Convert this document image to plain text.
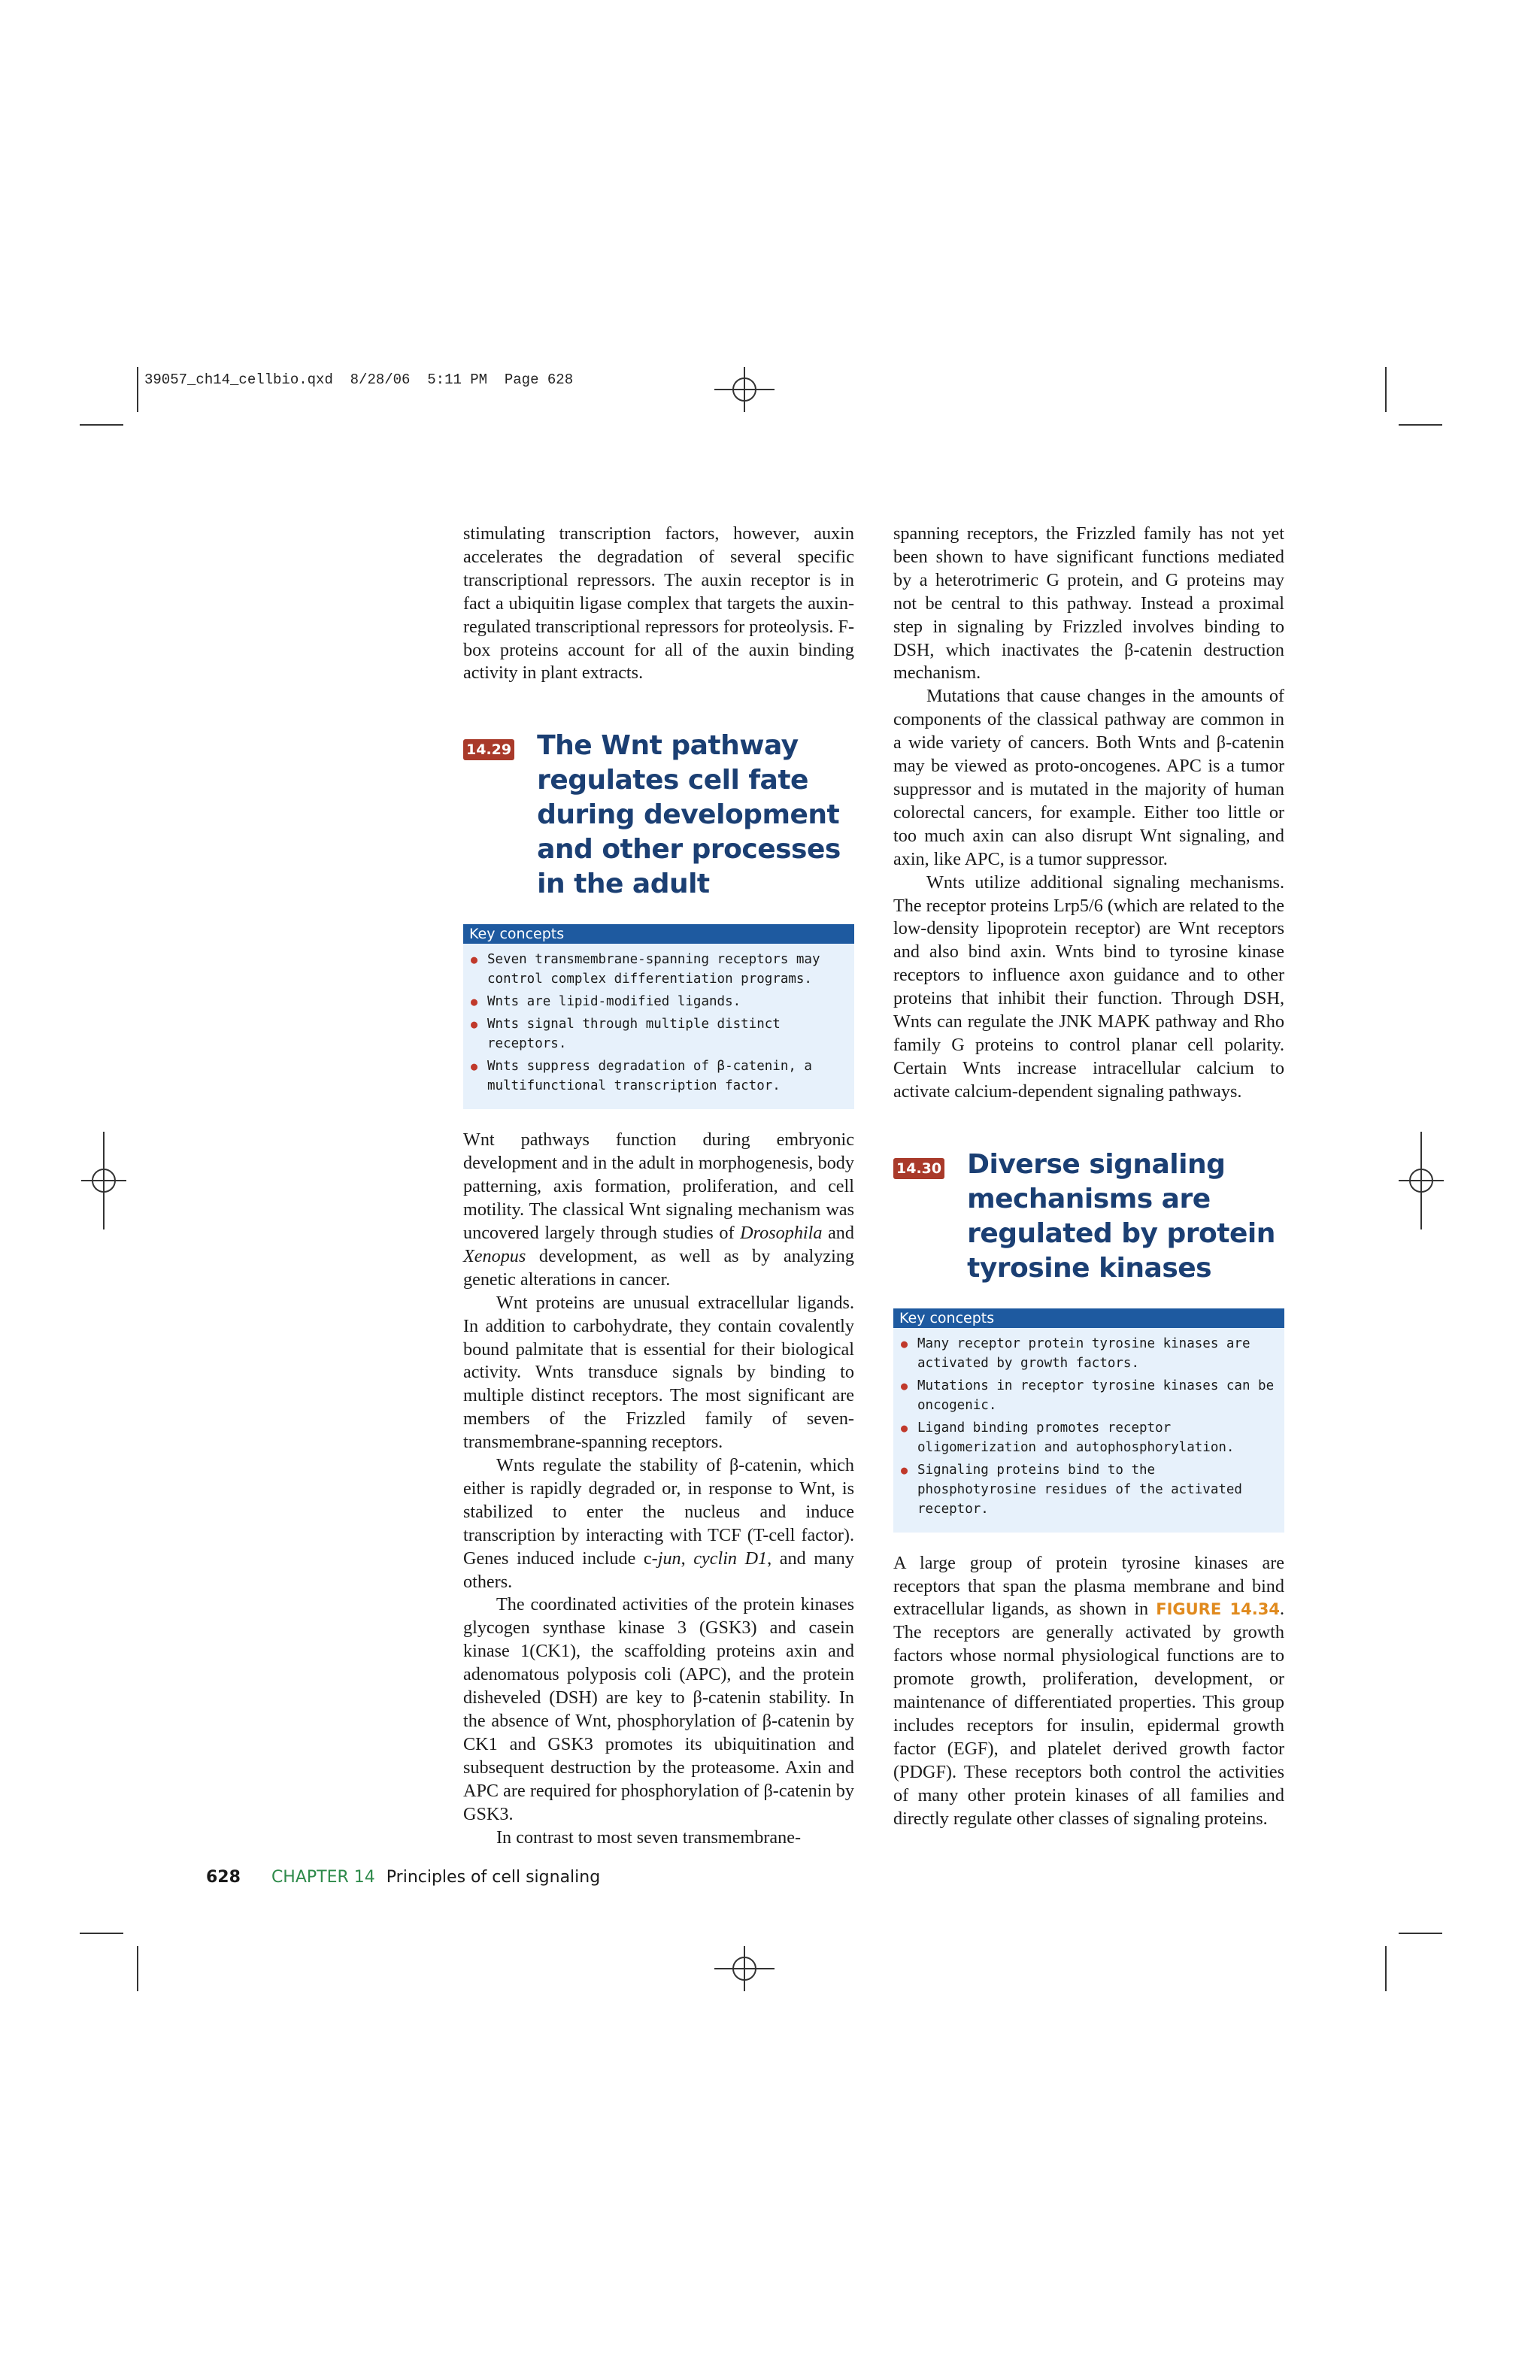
39057_ch14_cellbio.qxd  8/28/06  5:11 PM  Page 628

stimulating transcription factors, however, auxin accelerates the degradation of several specific transcriptional repressors. The auxin receptor is in fact a ubiquitin ligase complex that targets the auxin-regulated transcriptional repressors for proteolysis. F-box proteins account for all of the auxin binding activity in plant extracts.

14.29 The Wnt pathway regulates cell fate during development and other processes in the adult
Key concepts
● Seven transmembrane-spanning receptors may control complex differentiation programs.
● Wnts are lipid-modified ligands.
● Wnts signal through multiple distinct receptors.
● Wnts suppress degradation of β-catenin, a multifunctional transcription factor.

Wnt pathways function during embryonic development and in the adult in morphogenesis, body patterning, axis formation, proliferation, and cell motility. The classical Wnt signaling mechanism was uncovered largely through studies of Drosophila and Xenopus development, as well as by analyzing genetic alterations in cancer.

Wnt proteins are unusual extracellular ligands. In addition to carbohydrate, they contain covalently bound palmitate that is essential for their biological activity. Wnts transduce signals by binding to multiple distinct receptors. The most significant are members of the Frizzled family of seven-transmembrane-spanning receptors.

Wnts regulate the stability of β-catenin, which either is rapidly degraded or, in response to Wnt, is stabilized to enter the nucleus and induce transcription by interacting with TCF (T-cell factor). Genes induced include c-jun, cyclin D1, and many others.

The coordinated activities of the protein kinases glycogen synthase kinase 3 (GSK3) and casein kinase 1(CK1), the scaffolding proteins axin and adenomatous polyposis coli (APC), and the protein disheveled (DSH) are key to β-catenin stability. In the absence of Wnt, phosphorylation of β-catenin by CK1 and GSK3 promotes its ubiquitination and subsequent destruction by the proteasome. Axin and APC are required for phosphorylation of β-catenin by GSK3.

In contrast to most seven transmembrane-

spanning receptors, the Frizzled family has not yet been shown to have significant functions mediated by a heterotrimeric G protein, and G proteins may not be central to this pathway. Instead a proximal step in signaling by Frizzled involves binding to DSH, which inactivates the β-catenin destruction mechanism.

Mutations that cause changes in the amounts of components of the classical pathway are common in a wide variety of cancers. Both Wnts and β-catenin may be viewed as proto-oncogenes. APC is a tumor suppressor and is mutated in the majority of human colorectal cancers, for example. Either too little or too much axin can also disrupt Wnt signaling, and axin, like APC, is a tumor suppressor.

Wnts utilize additional signaling mechanisms. The receptor proteins Lrp5/6 (which are related to the low-density lipoprotein receptor) are Wnt receptors and also bind axin. Wnts bind to tyrosine kinase receptors to influence axon guidance and to other proteins that inhibit their function. Through DSH, Wnts can regulate the JNK MAPK pathway and Rho family G proteins to control planar cell polarity. Certain Wnts increase intracellular calcium to activate calcium-dependent signaling pathways.

14.30 Diverse signaling mechanisms are regulated by protein tyrosine kinases
Key concepts
● Many receptor protein tyrosine kinases are activated by growth factors.
● Mutations in receptor tyrosine kinases can be oncogenic.
● Ligand binding promotes receptor oligomerization and autophosphorylation.
● Signaling proteins bind to the phosphotyrosine residues of the activated receptor.

A large group of protein tyrosine kinases are receptors that span the plasma membrane and bind extracellular ligands, as shown in FIGURE 14.34. The receptors are generally activated by growth factors whose normal physiological functions are to promote growth, proliferation, development, or maintenance of differentiated properties. This group includes receptors for insulin, epidermal growth factor (EGF), and platelet derived growth factor (PDGF). These receptors both control the activities of many other protein kinases of all families and directly regulate other classes of signaling proteins.

628 CHAPTER 14 Principles of cell signaling
